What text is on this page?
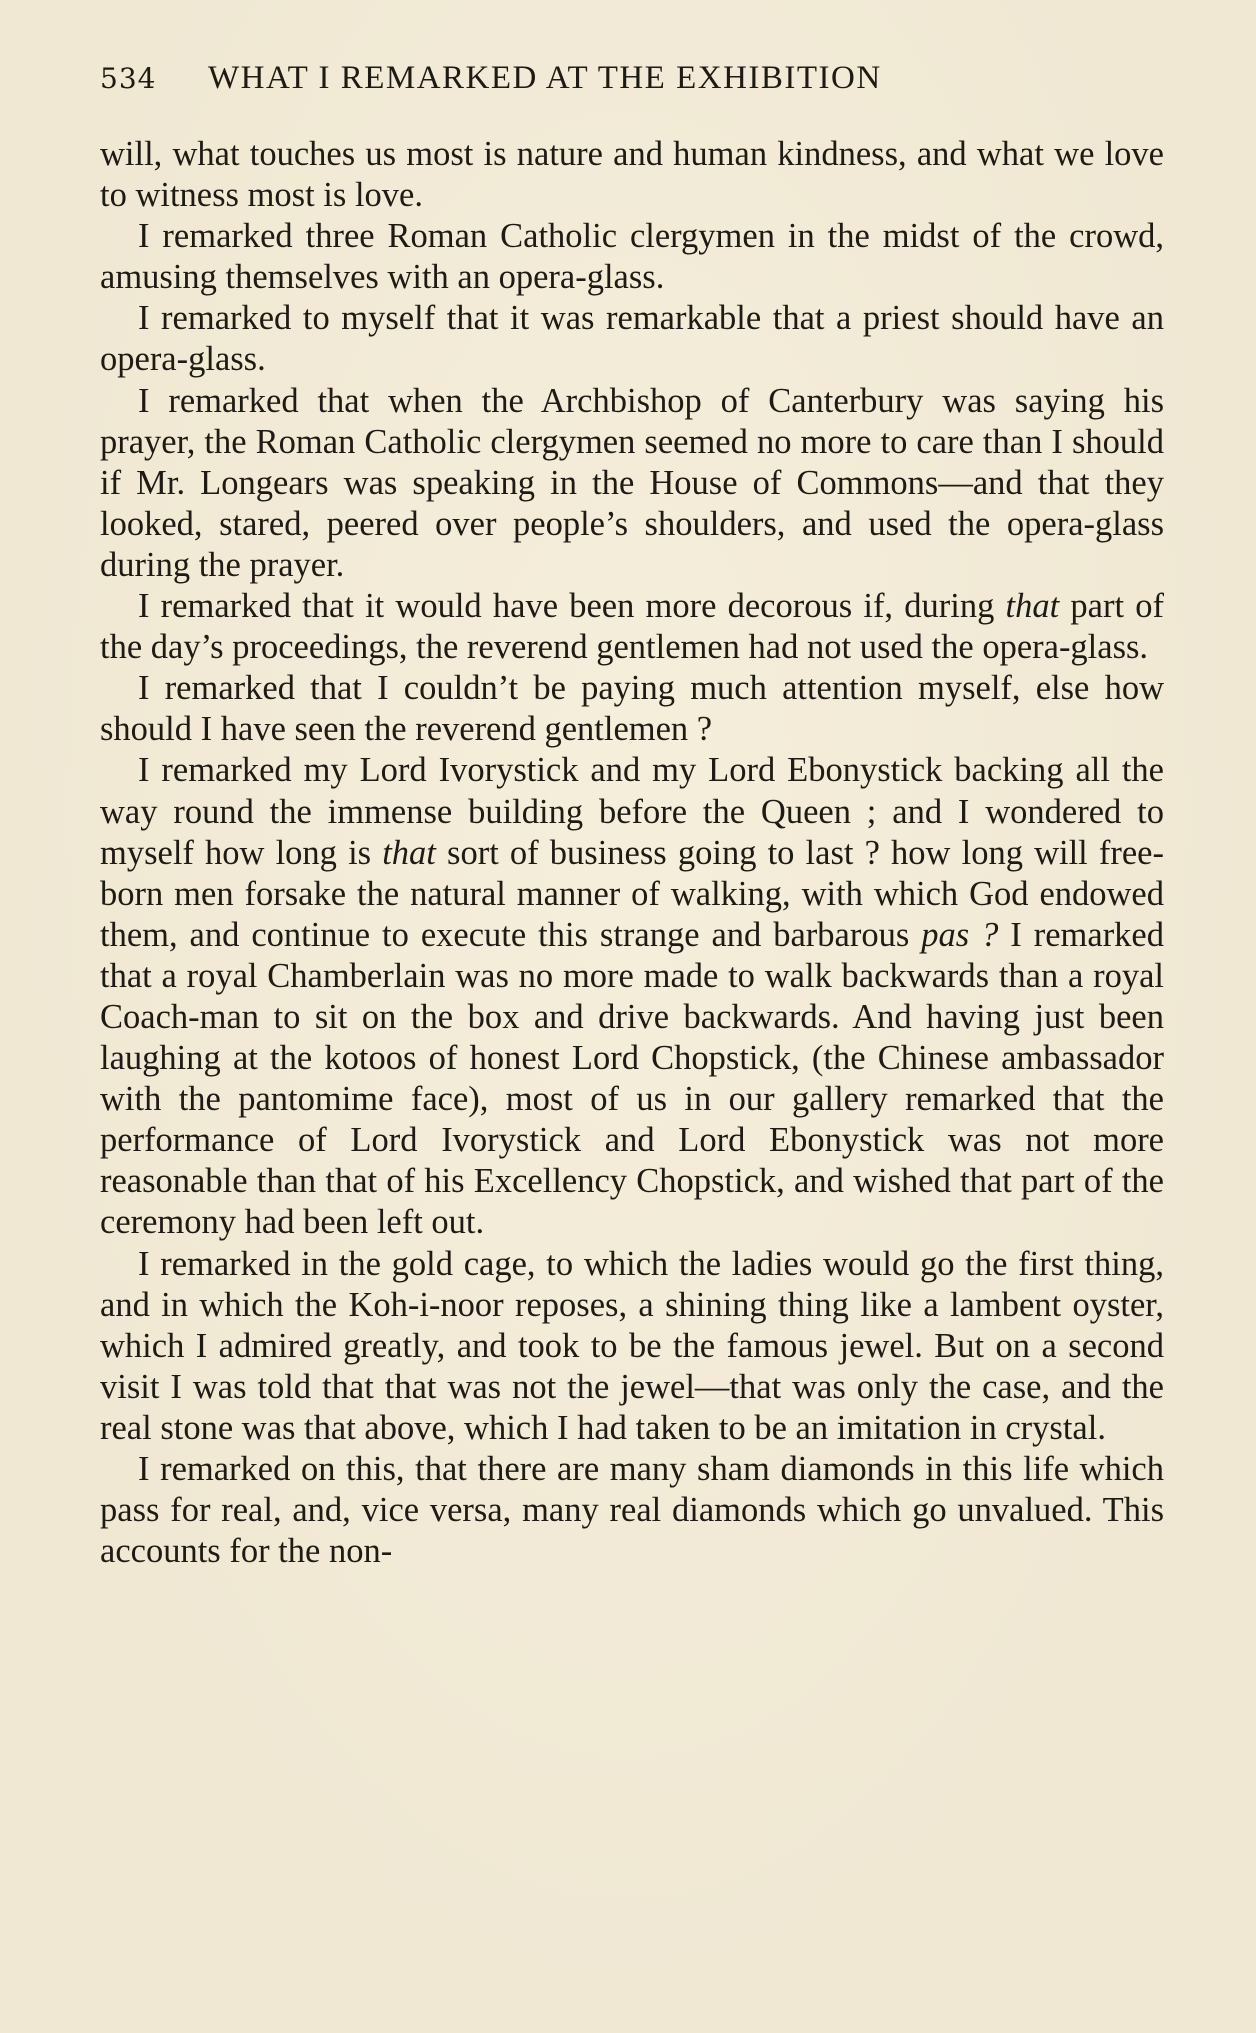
534 WHAT I REMARKED AT THE EXHIBITION

will, what touches us most is nature and human kindness, and what we love to witness most is love.

I remarked three Roman Catholic clergymen in the midst of the crowd, amusing themselves with an opera-glass.

I remarked to myself that it was remarkable that a priest should have an opera-glass.

I remarked that when the Archbishop of Canterbury was saying his prayer, the Roman Catholic clergymen seemed no more to care than I should if Mr. Longears was speaking in the House of Commons—and that they looked, stared, peered over people’s shoulders, and used the opera-glass during the prayer.

I remarked that it would have been more decorous if, during that part of the day’s proceedings, the reverend gentlemen had not used the opera-glass.

I remarked that I couldn’t be paying much attention myself, else how should I have seen the reverend gentlemen ?

I remarked my Lord Ivorystick and my Lord Ebonystick backing all the way round the immense building before the Queen ; and I wondered to myself how long is that sort of business going to last ? how long will free-born men forsake the natural manner of walking, with which God endowed them, and continue to execute this strange and barbarous pas ? I remarked that a royal Chamberlain was no more made to walk backwards than a royal Coach-man to sit on the box and drive backwards. And having just been laughing at the kotoos of honest Lord Chopstick, (the Chinese ambassador with the pantomime face), most of us in our gallery remarked that the performance of Lord Ivorystick and Lord Ebonystick was not more reasonable than that of his Excellency Chopstick, and wished that part of the ceremony had been left out.

I remarked in the gold cage, to which the ladies would go the first thing, and in which the Koh-i-noor reposes, a shining thing like a lambent oyster, which I admired greatly, and took to be the famous jewel. But on a second visit I was told that that was not the jewel—that was only the case, and the real stone was that above, which I had taken to be an imitation in crystal.

I remarked on this, that there are many sham diamonds in this life which pass for real, and, vice versa, many real diamonds which go unvalued. This accounts for the non-
